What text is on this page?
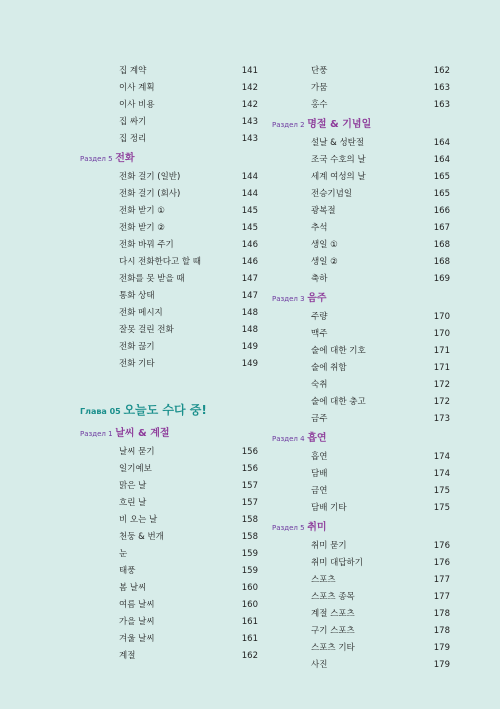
집 계약	141
이사 계획	142
이사 비용	142
집 싸기	143
집 정리	143
Раздел 5 전화
전화 걸기 (일반)	144
전화 걸기 (회사)	144
전화 받기 ①	145
전화 받기 ②	145
전화 바꿔 주기	146
다시 전화한다고 할 때	146
전화를 못 받을 때	147
통화 상태	147
전화 메시지	148
잘못 걸린 전화	148
전화 끊기	149
전화 기타	149
Глава 05 오늘도 수다 중!
Раздел 1 날씨 & 계절
날씨 묻기	156
일기예보	156
맑은 날	157
흐린 날	157
비 오는 날	158
천둥 & 번개	158
눈	159
태풍	159
봄 날씨	160
여름 날씨	160
가을 날씨	161
겨울 날씨	161
계절	162
단풍	162
가뭄	163
홍수	163
Раздел 2 명절 & 기념일
설날 & 성탄절	164
조국 수호의 날	164
세계 여성의 날	165
전승기념일	165
광복절	166
추석	167
생일 ①	168
생일 ②	168
축하	169
Раздел 3 음주
주량	170
맥주	170
술에 대한 기호	171
술에 취함	171
숙취	172
술에 대한 충고	172
금주	173
Раздел 4 흡연
흡연	174
담배	174
금연	175
담배 기타	175
Раздел 5 취미
취미 묻기	176
취미 대답하기	176
스포츠	177
스포츠 종목	177
계절 스포츠	178
구기 스포츠	178
스포츠 기타	179
사진	179
